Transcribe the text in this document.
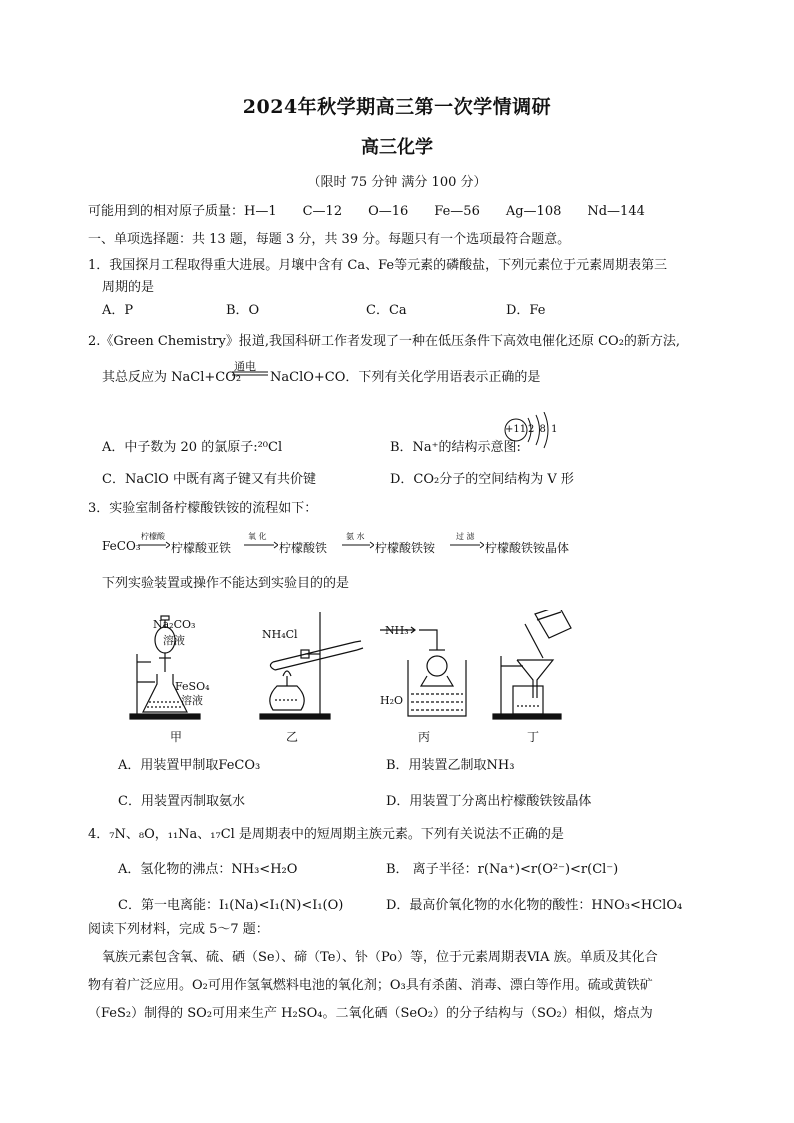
2024年秋学期高三第一次学情调研
高三化学
（限时 75 分钟 满分 100 分）
可能用到的相对原子质量：H—1　　C—12　　O—16　　Fe—56　　Ag—108　　Nd—144
一、单项选择题：共 13 题，每题 3 分，共 39 分。每题只有一个选项最符合题意。
1．我国探月工程取得重大进展。月壤中含有 Ca、Fe等元素的磷酸盐，下列元素位于元素周期表第三
周期的是
A．P	B．O	C．Ca	D．Fe
2.《Green Chemistry》报道,我国科研工作者发现了一种在低压条件下高效电催化还原 CO₂的新方法,
其总反应为 NaCl+CO₂
通电
NaClO+CO．下列有关化学用语表示正确的是
A．中子数为 20 的氯原子:²⁰Cl	B．Na⁺的结构示意图:
+11 2 8 1
C．NaClO 中既有离子键又有共价键	D．CO₂分子的空间结构为 V 形
3．实验室制备柠檬酸铁铵的流程如下：
FeCO₃
柠檬酸
柠檬酸亚铁
氧 化
柠檬酸铁
氨 水
柠檬酸铁铵
过 滤
柠檬酸铁铵晶体
下列实验装置或操作不能达到实验目的的是
Na₂CO₃
溶液
FeSO₄
溶液
NH₄Cl	NH₃
H₂O
甲	乙	丙	丁
A．用装置甲制取FeCO₃	B．用装置乙制取NH₃
C．用装置丙制取氨水	D．用装置丁分离出柠檬酸铁铵晶体
4．₇N、₈O，₁₁Na、₁₇Cl 是周期表中的短周期主族元素。下列有关说法不正确的是
A．氢化物的沸点：NH₃<H₂O	B． 离子半径：r(Na⁺)<r(O²⁻)<r(Cl⁻)
C．第一电离能：I₁(Na)<I₁(N)<I₁(O)	D．最高价氧化物的水化物的酸性：HNO₃<HClO₄
阅读下列材料，完成 5～7 题：
氧族元素包含氧、硫、硒（Se）、碲（Te）、钋（Po）等，位于元素周期表ⅥA 族。单质及其化合
物有着广泛应用。O₂可用作氢氧燃料电池的氧化剂；O₃具有杀菌、消毒、漂白等作用。硫或黄铁矿
（FeS₂）制得的 SO₂可用来生产 H₂SO₄。二氧化硒（SeO₂）的分子结构与（SO₂）相似，熔点为
